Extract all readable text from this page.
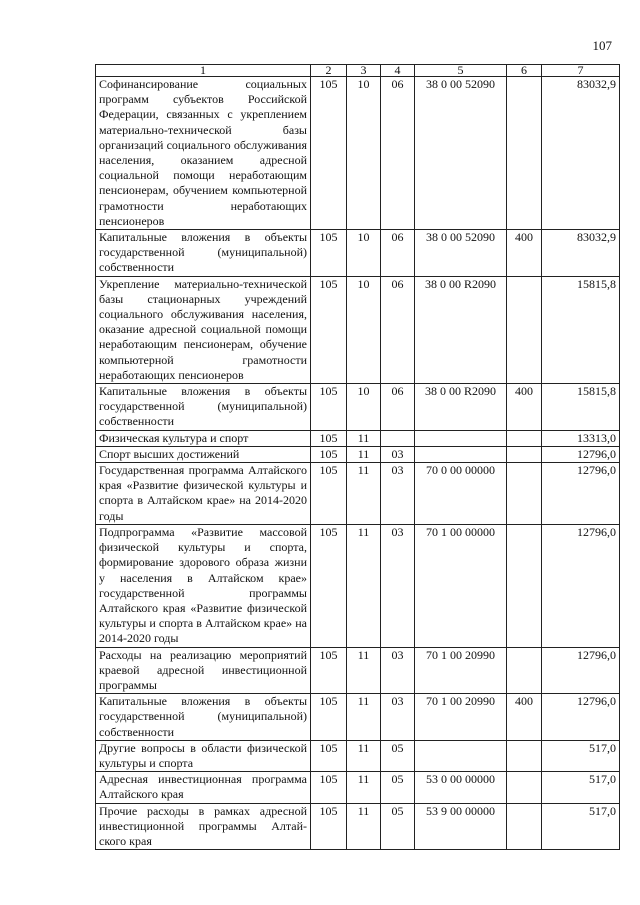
107
1	2	3	4	5	6	7
Софинансирование социальных программ субъектов Российской Федерации, связанных с укреплением материально-технической базы организаций социального обслуживания населения, оказанием адресной социальной помощи неработающим пенсионерам, обучением компьютерной грамотности неработающих пенсионеров	105	10	06	38 0 00 52090		83032,9
Капитальные вложения в объекты государственной (муниципальной) собственности	105	10	06	38 0 00 52090	400	83032,9
Укрепление материально-технической базы стационарных учреждений социального обслуживания населения, оказание адресной социальной помощи неработающим пенсионерам, обучение компьютерной грамотности неработающих пенсионеров	105	10	06	38 0 00 R2090		15815,8
Капитальные вложения в объекты государственной (муниципальной) собственности	105	10	06	38 0 00 R2090	400	15815,8
Физическая культура и спорт	105	11				13313,0
Спорт высших достижений	105	11	03			12796,0
Государственная программа Алтайского края «Развитие физической культуры и спорта в Алтайском крае» на 2014-2020 годы	105	11	03	70 0 00 00000		12796,0
Подпрограмма «Развитие массовой физической культуры и спорта, формирование здорового образа жизни у населения в Алтайском крае» государственной программы Алтайского края «Развитие физической культуры и спорта в Алтайском крае» на 2014-2020 годы	105	11	03	70 1 00 00000		12796,0
Расходы на реализацию мероприятий краевой адресной инвестиционной программы	105	11	03	70 1 00 20990		12796,0
Капитальные вложения в объекты государственной (муниципальной) собственности	105	11	03	70 1 00 20990	400	12796,0
Другие вопросы в области физической культуры и спорта	105	11	05			517,0
Адресная инвестиционная программа Алтайского края	105	11	05	53 0 00 00000		517,0
Прочие расходы в рамках адресной инвестиционной программы Алтайского края	105	11	05	53 9 00 00000		517,0
